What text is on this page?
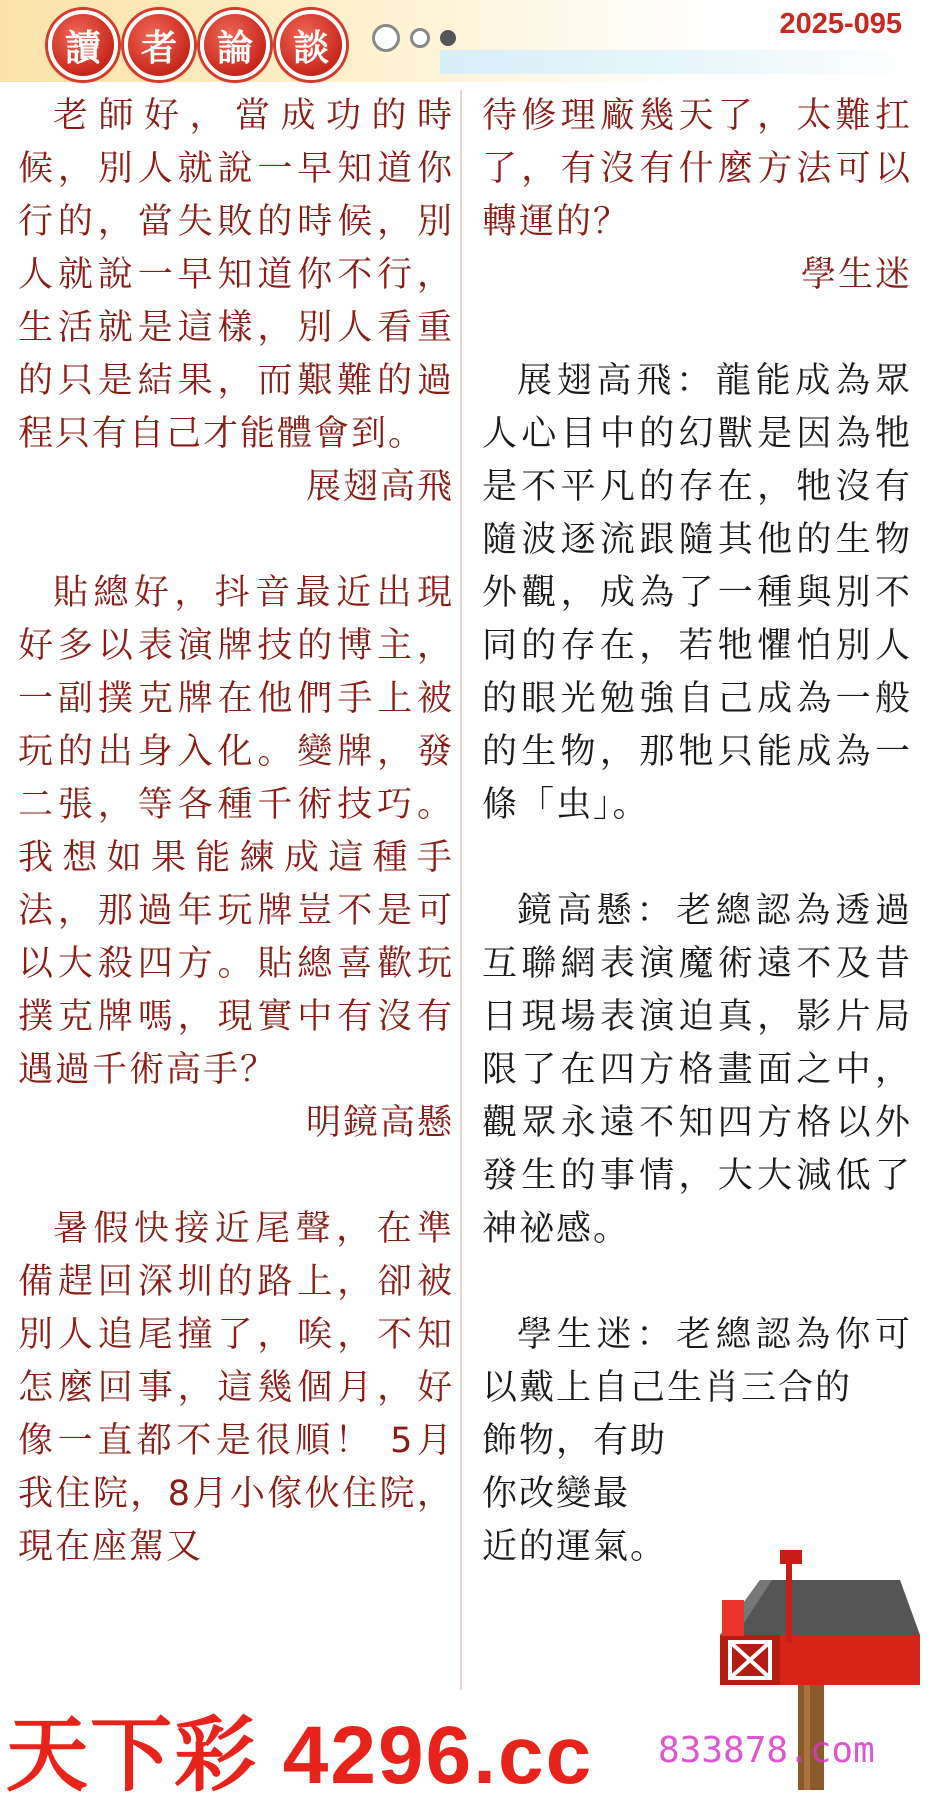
讀	者	論	談
2025-095

老師好，當成功的時候，別人就說一早知道你行的，當失敗的時候，別人就說一早知道你不行，生活就是這樣，別人看重的只是結果，而艱難的過程只有自己才能體會到。

展翅高飛

貼總好，抖音最近出現好多以表演牌技的博主，一副撲克牌在他們手上被玩的出身入化。變牌，發二張，等各種千術技巧。我想如果能練成這種手法，那過年玩牌豈不是可以大殺四方。貼總喜歡玩撲克牌嗎，現實中有沒有遇過千術高手？

明鏡高懸

暑假快接近尾聲，在準備趕回深圳的路上，卻被別人追尾撞了，唉，不知怎麼回事，這幾個月，好像一直都不是很順！ 5月我住院，8月小傢伙住院，現在座駕又

待修理廠幾天了，太難扛了，有沒有什麼方法可以轉運的？

學生迷

展翅高飛：龍能成為眾人心目中的幻獸是因為牠是不平凡的存在，牠沒有隨波逐流跟隨其他的生物外觀，成為了一種與別不同的存在，若牠懼怕別人的眼光勉強自己成為一般的生物，那牠只能成為一條「虫」。

鏡高懸：老總認為透過互聯網表演魔術遠不及昔日現場表演迫真，影片局限了在四方格畫面之中，觀眾永遠不知四方格以外發生的事情，大大減低了神祕感。

學生迷：老總認為你可以戴上自己生肖三合的

飾物，有助

你改變最

近的運氣。

天下彩 4296.cc 833878.com
